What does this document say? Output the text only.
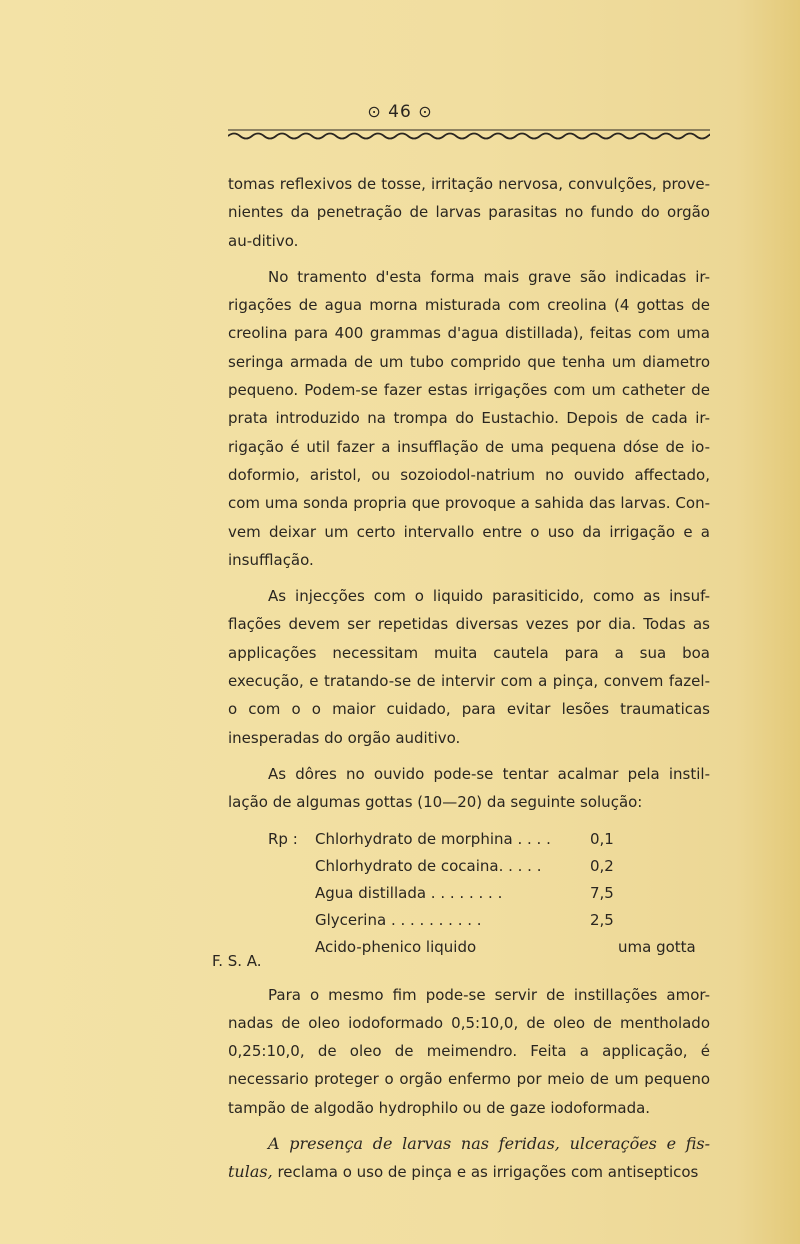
⊙ 46 ⊙

tomas reflexivos de tosse, irritação nervosa, convulções, prove-nientes da penetração de larvas parasitas no fundo do orgão au-ditivo.

No tramento d'esta forma mais grave são indicadas ir-rigações de agua morna misturada com creolina (4 gottas de creolina para 400 grammas d'agua distillada), feitas com uma seringa armada de um tubo comprido que tenha um diametro pequeno. Podem-se fazer estas irrigações com um catheter de prata introduzido na trompa do Eustachio. Depois de cada ir-rigação é util fazer a insufflação de uma pequena dóse de io-doformio, aristol, ou sozoiodol-natrium no ouvido affectado, com uma sonda propria que provoque a sahida das larvas. Con-vem deixar um certo intervallo entre o uso da irrigação e a insufflação.

As injecções com o liquido parasiticido, como as insuf-flações devem ser repetidas diversas vezes por dia. Todas as applicações necessitam muita cautela para a sua boa execução, e tratando-se de intervir com a pinça, convem fazel-o com o o maior cuidado, para evitar lesões traumaticas inesperadas do orgão auditivo.

As dôres no ouvido pode-se tentar acalmar pela instil-lação de algumas gottas (10—20) da seguinte solução:

Rp : Chlorhydrato de morphina . . . .
Chlorhydrato de cocaina. . . . .
Agua distillada . . . . . . . .
Glycerina . . . . . . . . . .
Acido-phenico liquido
0,1
0,2
7,5
2,5
uma gotta
F. S. A.

Para o mesmo fim pode-se servir de instillações amor-nadas de oleo iodoformado 0,5:10,0, de oleo de mentholado 0,25:10,0, de oleo de meimendro. Feita a applicação, é necessario proteger o orgão enfermo por meio de um pequeno tampão de algodão hydrophilo ou de gaze iodoformada.

A presença de larvas nas feridas, ulcerações e fis-tulas, reclama o uso de pinça e as irrigações com antisepticos
